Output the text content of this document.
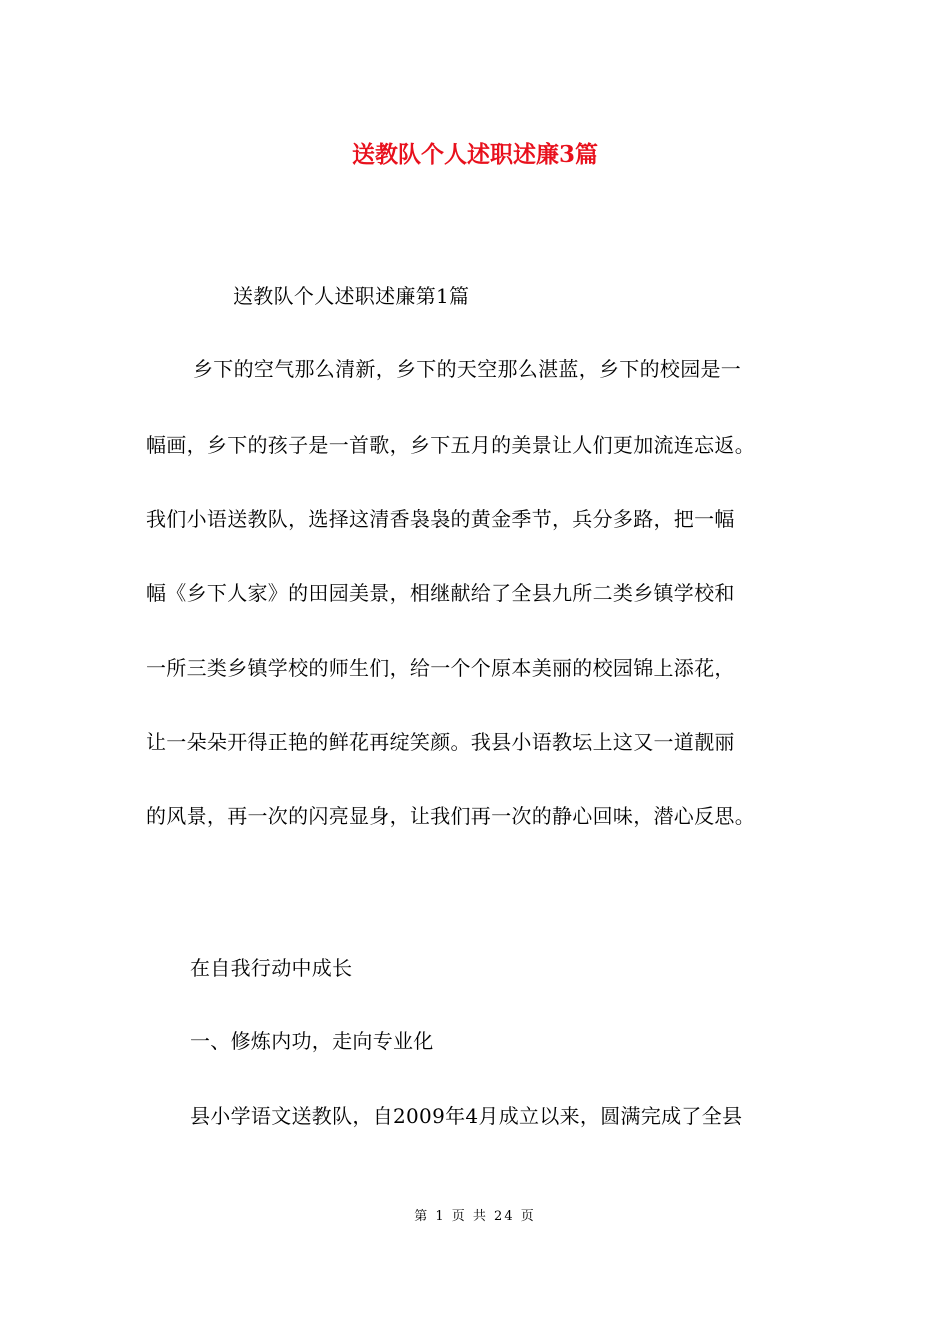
送教队个人述职述廉3篇
送教队个人述职述廉第1篇
乡下的空气那么清新，乡下的天空那么湛蓝，乡下的校园是一
幅画，乡下的孩子是一首歌，乡下五月的美景让人们更加流连忘返。
我们小语送教队，选择这清香袅袅的黄金季节，兵分多路，把一幅
幅《乡下人家》的田园美景，相继献给了全县九所二类乡镇学校和
一所三类乡镇学校的师生们，给一个个原本美丽的校园锦上添花，
让一朵朵开得正艳的鲜花再绽笑颜。我县小语教坛上这又一道靓丽
的风景，再一次的闪亮显身，让我们再一次的静心回味，潜心反思。
在自我行动中成长
一、修炼内功，走向专业化
县小学语文送教队，自2009年4月成立以来，圆满完成了全县
第 1 页 共 24 页
